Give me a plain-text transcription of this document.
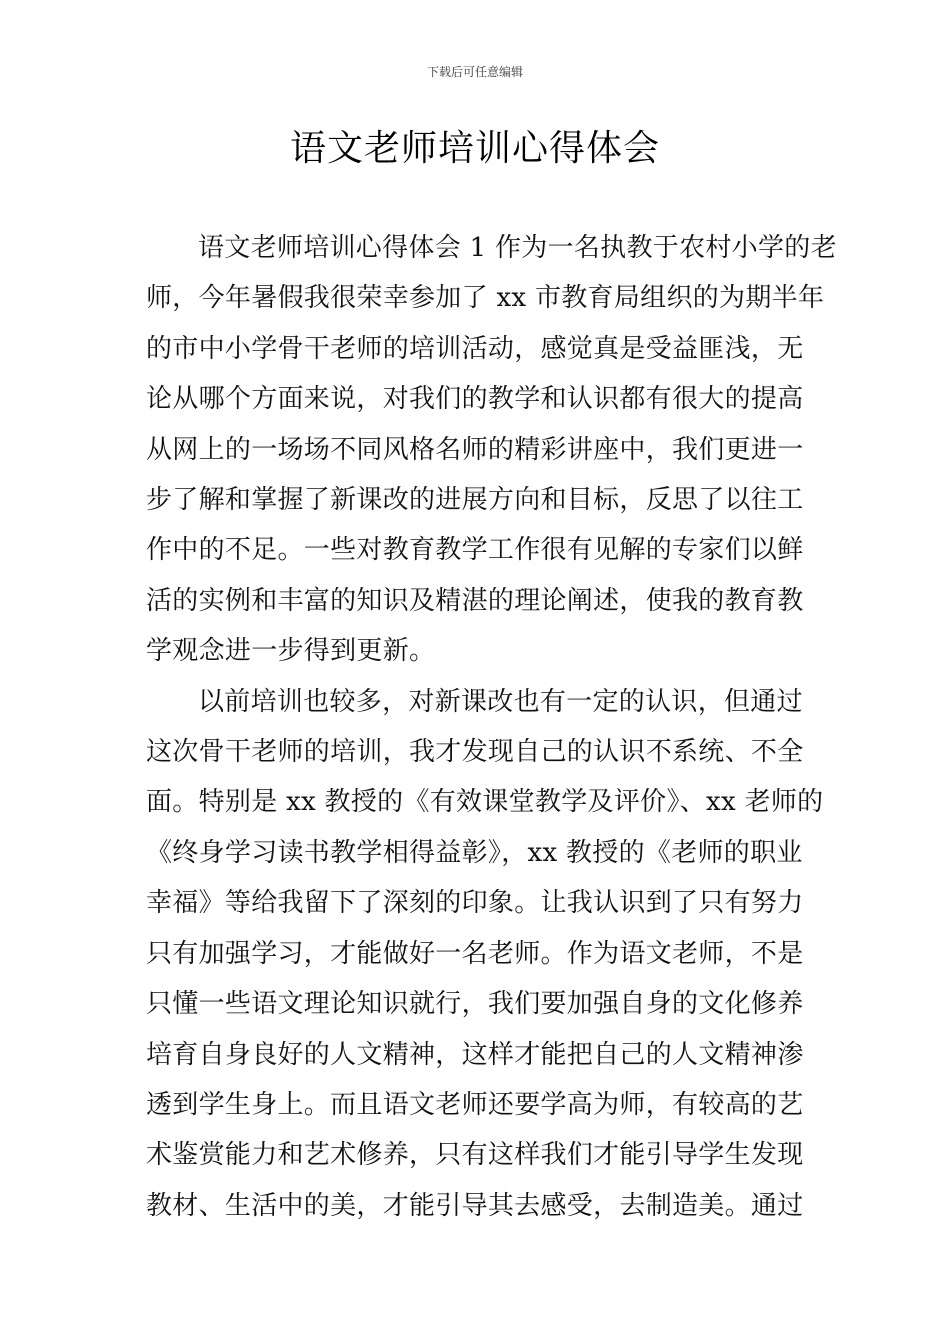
下载后可任意编辑
语文老师培训心得体会

语文老师培训心得体会 1 作为一名执教于农村小学的老
师，今年暑假我很荣幸参加了 xx 市教育局组织的为期半年
的市中小学骨干老师的培训活动，感觉真是受益匪浅，无
论从哪个方面来说，对我们的教学和认识都有很大的提高
从网上的一场场不同风格名师的精彩讲座中，我们更进一
步了解和掌握了新课改的进展方向和目标，反思了以往工
作中的不足。一些对教育教学工作很有见解的专家们以鲜
活的实例和丰富的知识及精湛的理论阐述，使我的教育教
学观念进一步得到更新。

以前培训也较多，对新课改也有一定的认识，但通过
这次骨干老师的培训，我才发现自己的认识不系统、不全
面。特别是 xx 教授的《有效课堂教学及评价》、xx 老师的
《终身学习读书教学相得益彰》，xx 教授的《老师的职业
幸福》等给我留下了深刻的印象。让我认识到了只有努力
只有加强学习，才能做好一名老师。作为语文老师，不是
只懂一些语文理论知识就行，我们要加强自身的文化修养
培育自身良好的人文精神，这样才能把自己的人文精神渗
透到学生身上。而且语文老师还要学高为师，有较高的艺
术鉴赏能力和艺术修养，只有这样我们才能引导学生发现
教材、生活中的美，才能引导其去感受，去制造美。通过
